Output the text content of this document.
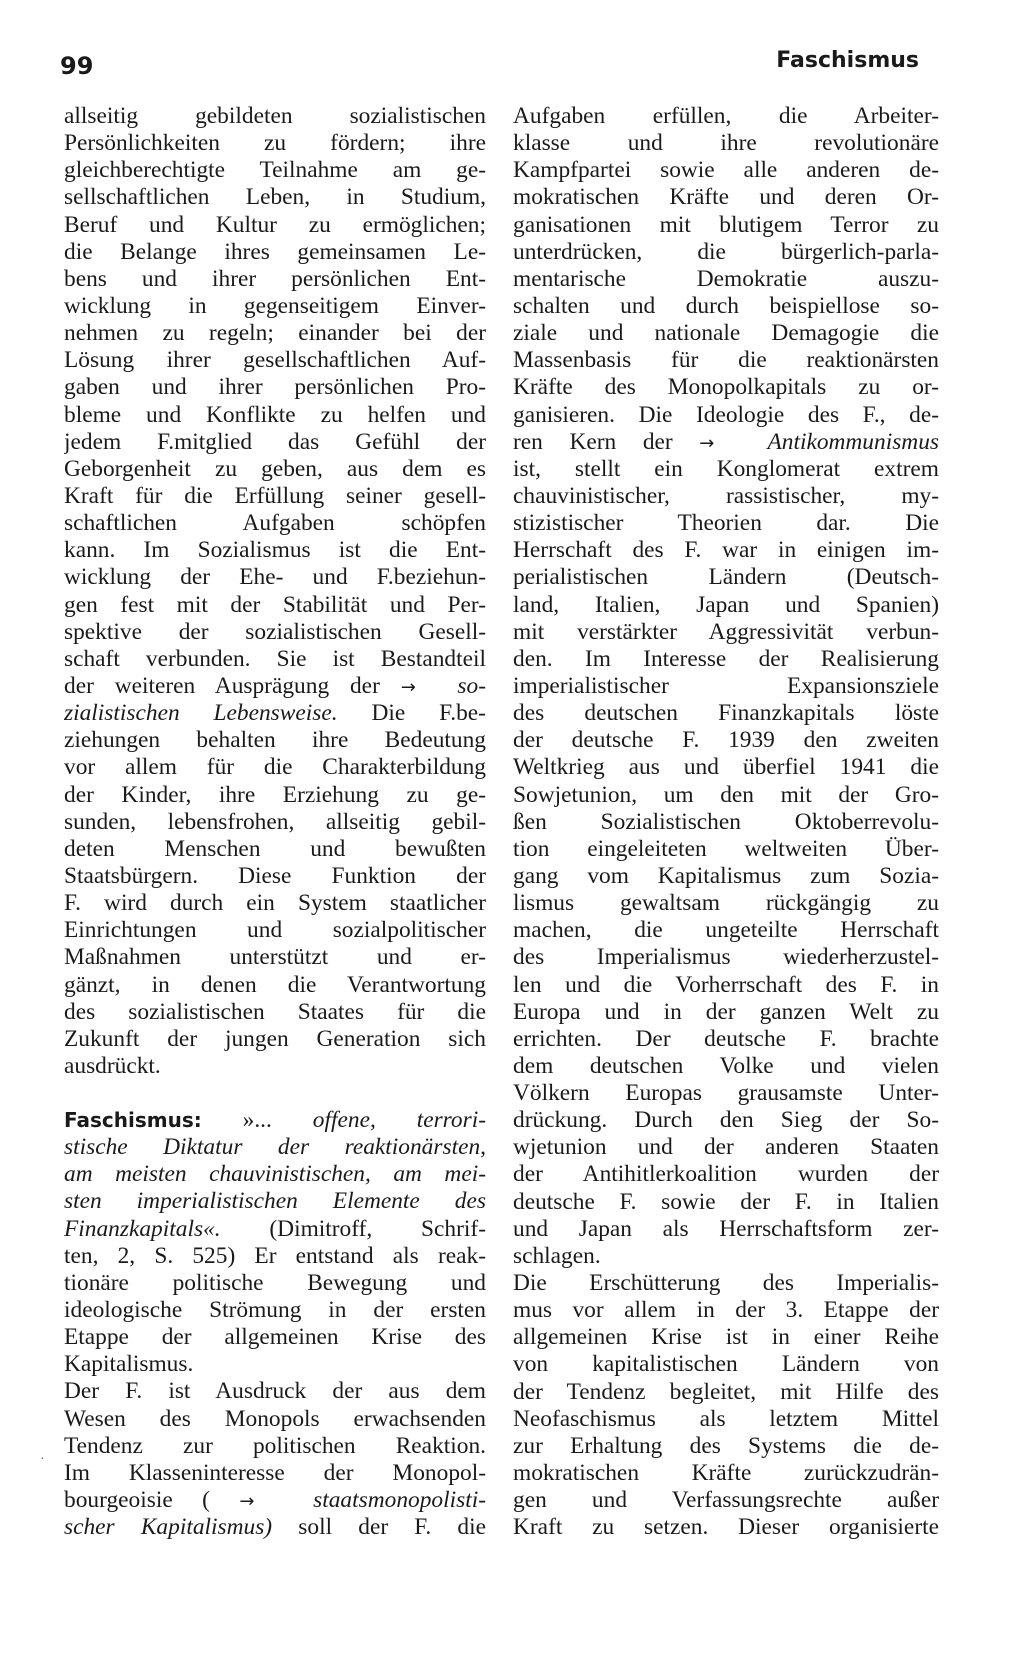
99	Faschismus
allseitig gebildeten sozialistischen
Persönlichkeiten zu fördern; ihre
gleichberechtigte Teilnahme am ge-
sellschaftlichen Leben, in Studium,
Beruf und Kultur zu ermöglichen;
die Belange ihres gemeinsamen Le-
bens und ihrer persönlichen Ent-
wicklung in gegenseitigem Einver-
nehmen zu regeln; einander bei der
Lösung ihrer gesellschaftlichen Auf-
gaben und ihrer persönlichen Pro-
bleme und Konflikte zu helfen und
jedem F.mitglied das Gefühl der
Geborgenheit zu geben, aus dem es
Kraft für die Erfüllung seiner gesell-
schaftlichen Aufgaben schöpfen
kann. Im Sozialismus ist die Ent-
wicklung der Ehe- und F.beziehun-
gen fest mit der Stabilität und Per-
spektive der sozialistischen Gesell-
schaft verbunden. Sie ist Bestandteil
der weiteren Ausprägung der →  so-
zialistischen Lebensweise. Die F.be-
ziehungen behalten ihre Bedeutung
vor allem für die Charakterbildung
der Kinder, ihre Erziehung zu ge-
sunden, lebensfrohen, allseitig gebil-
deten Menschen und bewußten
Staatsbürgern. Diese Funktion der
F. wird durch ein System staatlicher
Einrichtungen und sozialpolitischer
Maßnahmen unterstützt und er-
gänzt, in denen die Verantwortung
des sozialistischen Staates für die
Zukunft der jungen Generation sich
ausdrückt.
Faschismus: »... offene, terrori-
stische Diktatur der reaktionärsten,
am meisten chauvinistischen, am mei-
sten imperialistischen Elemente des
Finanzkapitals«. (Dimitroff, Schrif-
ten, 2, S. 525) Er entstand als reak-
tionäre politische Bewegung und
ideologische Strömung in der ersten
Etappe der allgemeinen Krise des
Kapitalismus.
Der F. ist Ausdruck der aus dem
Wesen des Monopols erwachsenden
Tendenz zur politischen Reaktion.
Im Klasseninteresse der Monopol-
bourgeoisie ( →  staatsmonopolisti-
scher Kapitalismus) soll der F. die
Aufgaben erfüllen, die Arbeiter-
klasse und ihre revolutionäre
Kampfpartei sowie alle anderen de-
mokratischen Kräfte und deren Or-
ganisationen mit blutigem Terror zu
unterdrücken, die bürgerlich-parla-
mentarische Demokratie auszu-
schalten und durch beispiellose so-
ziale und nationale Demagogie die
Massenbasis für die reaktionärsten
Kräfte des Monopolkapitals zu or-
ganisieren. Die Ideologie des F., de-
ren Kern der →  Antikommunismus
ist, stellt ein Konglomerat extrem
chauvinistischer, rassistischer, my-
stizistischer Theorien dar. Die
Herrschaft des F. war in einigen im-
perialistischen Ländern (Deutsch-
land, Italien, Japan und Spanien)
mit verstärkter Aggressivität verbun-
den. Im Interesse der Realisierung
imperialistischer Expansionsziele
des deutschen Finanzkapitals löste
der deutsche F. 1939 den zweiten
Weltkrieg aus und überfiel 1941 die
Sowjetunion, um den mit der Gro-
ßen Sozialistischen Oktoberrevolu-
tion eingeleiteten weltweiten Über-
gang vom Kapitalismus zum Sozia-
lismus gewaltsam rückgängig zu
machen, die ungeteilte Herrschaft
des Imperialismus wiederherzustel-
len und die Vorherrschaft des F. in
Europa und in der ganzen Welt zu
errichten. Der deutsche F. brachte
dem deutschen Volke und vielen
Völkern Europas grausamste Unter-
drückung. Durch den Sieg der So-
wjetunion und der anderen Staaten
der Antihitlerkoalition wurden der
deutsche F. sowie der F. in Italien
und Japan als Herrschaftsform zer-
schlagen.
Die Erschütterung des Imperialis-
mus vor allem in der 3. Etappe der
allgemeinen Krise ist in einer Reihe
von kapitalistischen Ländern von
der Tendenz begleitet, mit Hilfe des
Neofaschismus als letztem Mittel
zur Erhaltung des Systems die de-
mokratischen Kräfte zurückzudrän-
gen und Verfassungsrechte außer
Kraft zu setzen. Dieser organisierte
·
